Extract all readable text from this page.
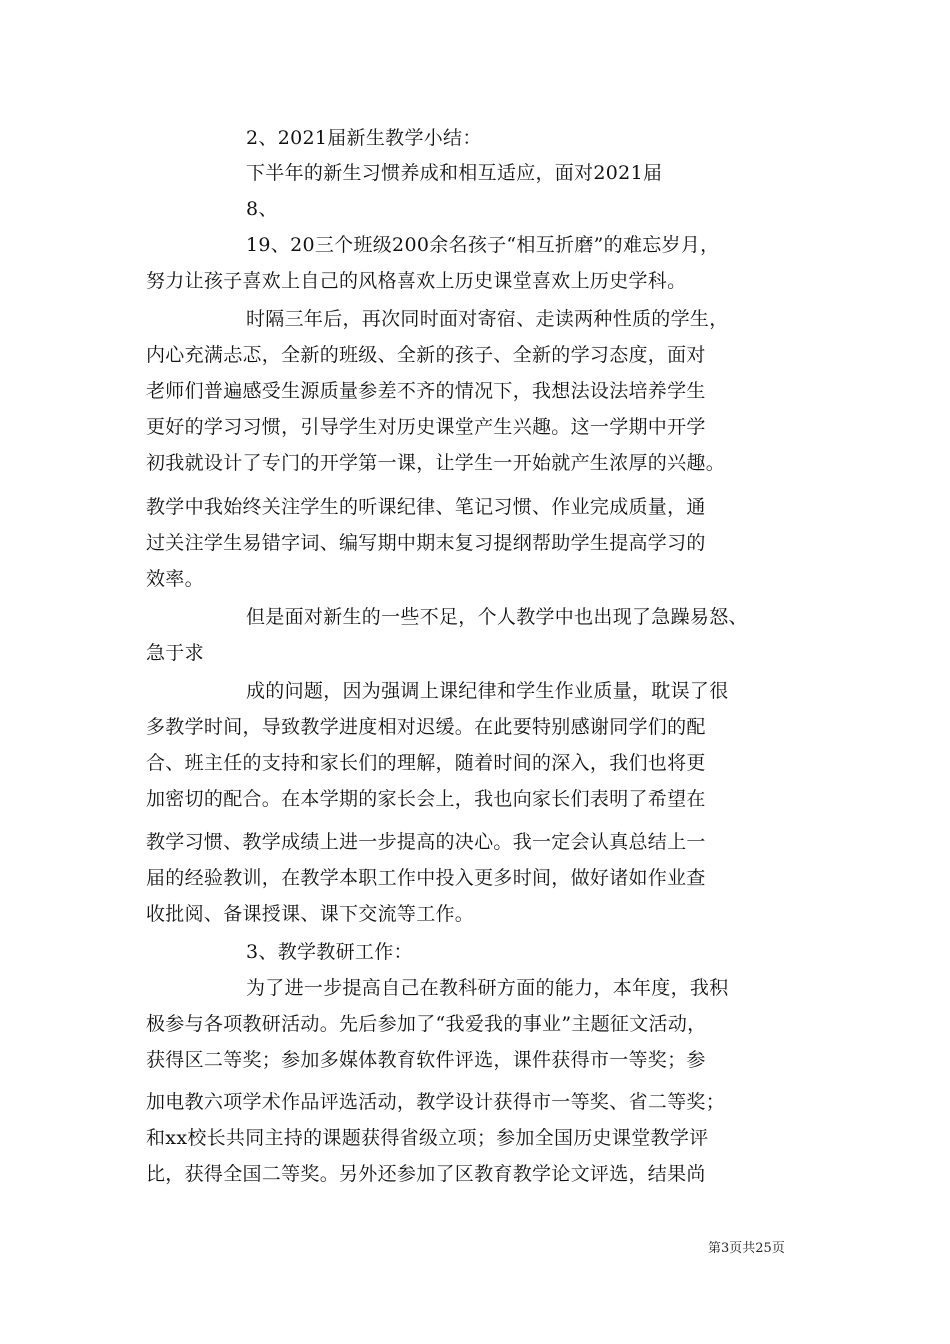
2、2021届新生教学小结：
下半年的新生习惯养成和相互适应，面对2021届
8、
19、20三个班级200余名孩子“相互折磨”的难忘岁月，
努力让孩子喜欢上自己的风格喜欢上历史课堂喜欢上历史学科。
时隔三年后，再次同时面对寄宿、走读两种性质的学生，
内心充满忐忑，全新的班级、全新的孩子、全新的学习态度，面对
老师们普遍感受生源质量参差不齐的情况下，我想法设法培养学生
更好的学习习惯，引导学生对历史课堂产生兴趣。这一学期中开学
初我就设计了专门的开学第一课，让学生一开始就产生浓厚的兴趣。
教学中我始终关注学生的听课纪律、笔记习惯、作业完成质量，通
过关注学生易错字词、编写期中期末复习提纲帮助学生提高学习的
效率。
但是面对新生的一些不足，个人教学中也出现了急躁易怒、
急于求
成的问题，因为强调上课纪律和学生作业质量，耽误了很
多教学时间，导致教学进度相对迟缓。在此要特别感谢同学们的配
合、班主任的支持和家长们的理解，随着时间的深入，我们也将更
加密切的配合。在本学期的家长会上，我也向家长们表明了希望在
教学习惯、教学成绩上进一步提高的决心。我一定会认真总结上一
届的经验教训，在教学本职工作中投入更多时间，做好诸如作业查
收批阅、备课授课、课下交流等工作。
3、教学教研工作：
为了进一步提高自己在教科研方面的能力，本年度，我积
极参与各项教研活动。先后参加了“我爱我的事业”主题征文活动，
获得区二等奖；参加多媒体教育软件评选，课件获得市一等奖；参
加电教六项学术作品评选活动，教学设计获得市一等奖、省二等奖；
和xx校长共同主持的课题获得省级立项；参加全国历史课堂教学评
比，获得全国二等奖。另外还参加了区教育教学论文评选，结果尚
第3页共25页
